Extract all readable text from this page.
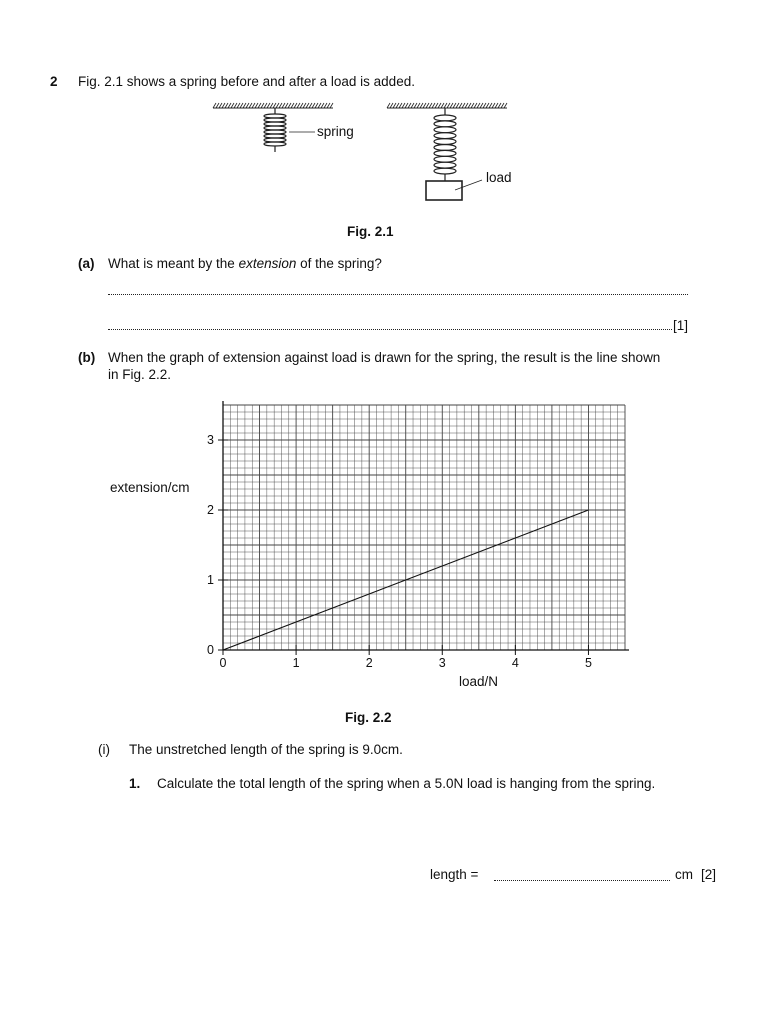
2 Fig. 2.1 shows a spring before and after a load is added.
spring
load
Fig. 2.1
(a) What is meant by the extension of the spring?
[1]
(b) When the graph of extension against load is drawn for the spring, the result is the line shown
in Fig. 2.2.
0	1	2	3	4	5
0
1
2
3
extension/cm
load/N
Fig. 2.2
(i) The unstretched length of the spring is 9.0cm.
1. Calculate the total length of the spring when a 5.0N load is hanging from the spring.
length =	cm [2]
